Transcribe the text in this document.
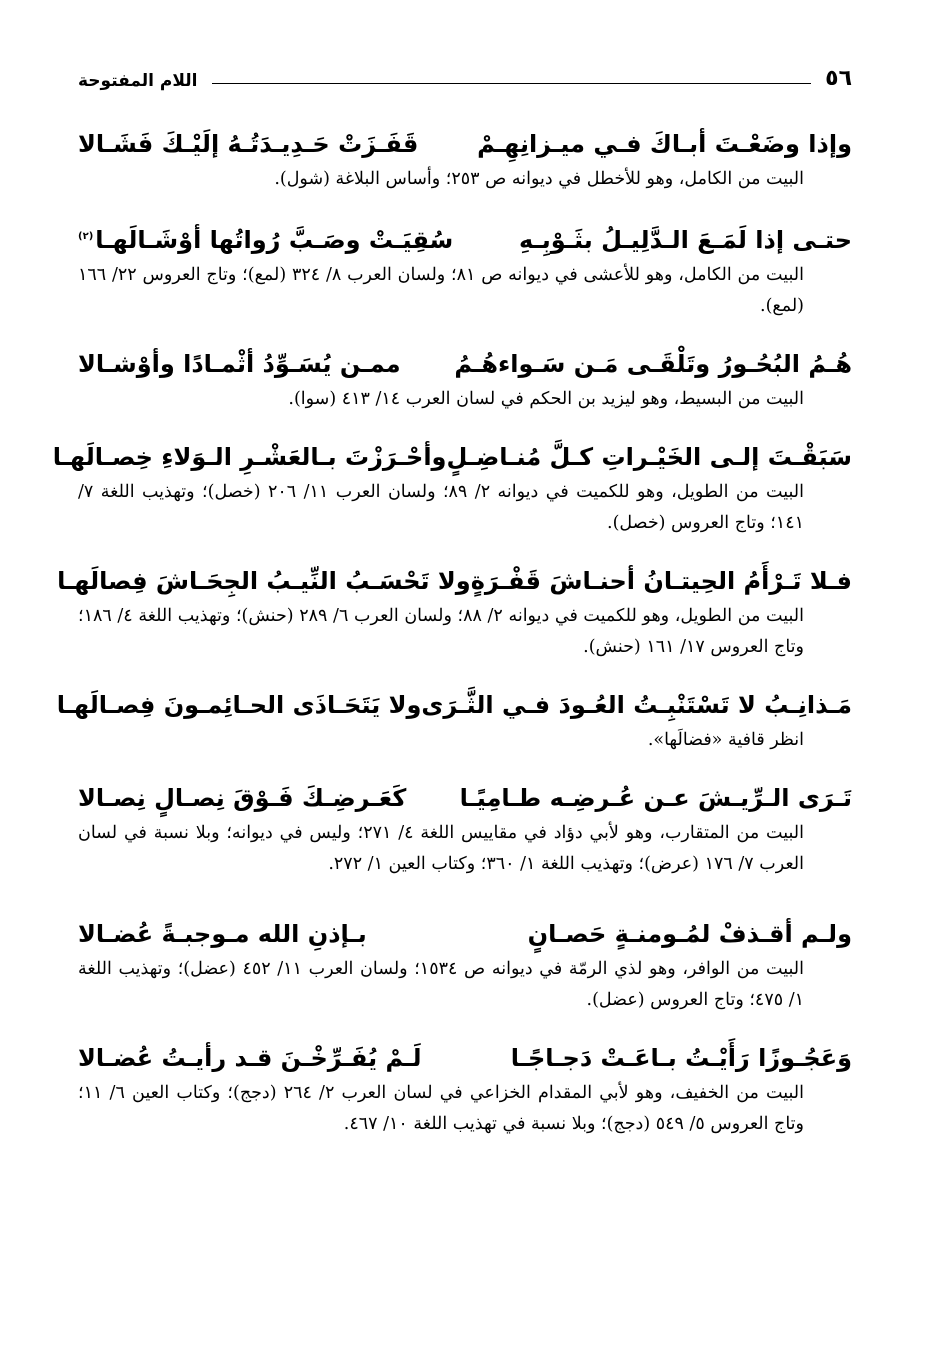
٥٦
اللام المفتوحة
وإذا وضَعْـتَ أبـاكَ فـي ميـزانِهِـمْ
قَفَـزَتْ حَـدِيـدَتُـهُ إلَيْـكَ فَشَـالا
البيت من الكامل، وهو للأخطل في ديوانه ص ٢٥٣؛ وأساس البلاغة (شول).
حتـى إذا لَمَـعَ الـدَّلِيـلُ بثَـوْبِـهِ
سُقِيَـتْ وصَـبَّ رُواتُها أوْشَـالَهـا$^{(٢)}$
البيت من الكامل، وهو للأعشى في ديوانه ص ٨١؛ ولسان العرب ٨/ ٣٢٤ (لمع)؛ وتاج العروس ٢٢/ ١٦٦ (لمع).
هُـمُ البُحُـورُ وتَلْقَـى مَـن سَـواءهُـمُ
ممـن يُسَـوِّدُ أثْمـادًا وأوْشـالا
البيت من البسيط، وهو ليزيد بن الحكم في لسان العرب ١٤/ ٤١٣ (سوا).
سَبَقْـتَ إلـى الخَيْـراتِ كـلَّ مُنـاضِـلٍ
وأحْـرَزْتَ بـالعَشْـرِ الـوَلاءِ خِصـالَهـا
البيت من الطويل، وهو للكميت في ديوانه ٢/ ٨٩؛ ولسان العرب ١١/ ٢٠٦ (خصل)؛ وتهذيب اللغة ٧/ ١٤١؛ وتاج العروس (خصل).
فـلا تَـرْأَمُ الحِيتـانُ أحنـاشَ قَفْـرَةٍ
ولا تَحْسَـبُ النِّيـبُ الجِحَـاشَ فِصالَهـا
البيت من الطويل، وهو للكميت في ديوانه ٢/ ٨٨؛ ولسان العرب ٦/ ٢٨٩ (حنش)؛ وتهذيب اللغة ٤/ ١٨٦؛ وتاج العروس ١٧/ ١٦١ (حنش).
مَـذانِـبُ لا تَسْتَنْبِـتُ العُـودَ فـي الثَّـرَى
ولا يَتَحَـاذَى الحـائِمـونَ فِصـالَهـا
انظر قافية «فضالَها».
تَـرَى الـرِّيـشَ عـن عُـرضِـه طـامِيًـا
كَعَـرضِـكَ فَـوْقَ نِصـالٍ نِصـالا
البيت من المتقارب، وهو لأبي دؤاد في مقاييس اللغة ٤/ ٢٧١؛ وليس في ديوانه؛ وبلا نسبة في لسان العرب ٧/ ١٧٦ (عرض)؛ وتهذيب اللغة ١/ ٣٦٠؛ وكتاب العين ١/ ٢٧٢.
ولـم أقـذفْ لمُـومنـةٍ حَصـانٍ
بـإذنِ الله مـوجبـةً عُضـالا
البيت من الوافر، وهو لذي الرمّة في ديوانه ص ١٥٣٤؛ ولسان العرب ١١/ ٤٥٢ (عضل)؛ وتهذيب اللغة ١/ ٤٧٥؛ وتاج العروس (عضل).
وَعَجُـوزًا رَأَيْـتُ بـاعَـتْ دَجـاجًـا
لَـمْ يُفَـرِّخْـنَ قـد رأيـتُ عُضـالا
البيت من الخفيف، وهو لأبي المقدام الخزاعي في لسان العرب ٢/ ٢٦٤ (دجج)؛ وكتاب العين ٦/ ١١؛ وتاج العروس ٥/ ٥٤٩ (دجج)؛ وبلا نسبة في تهذيب اللغة ١٠/ ٤٦٧.
